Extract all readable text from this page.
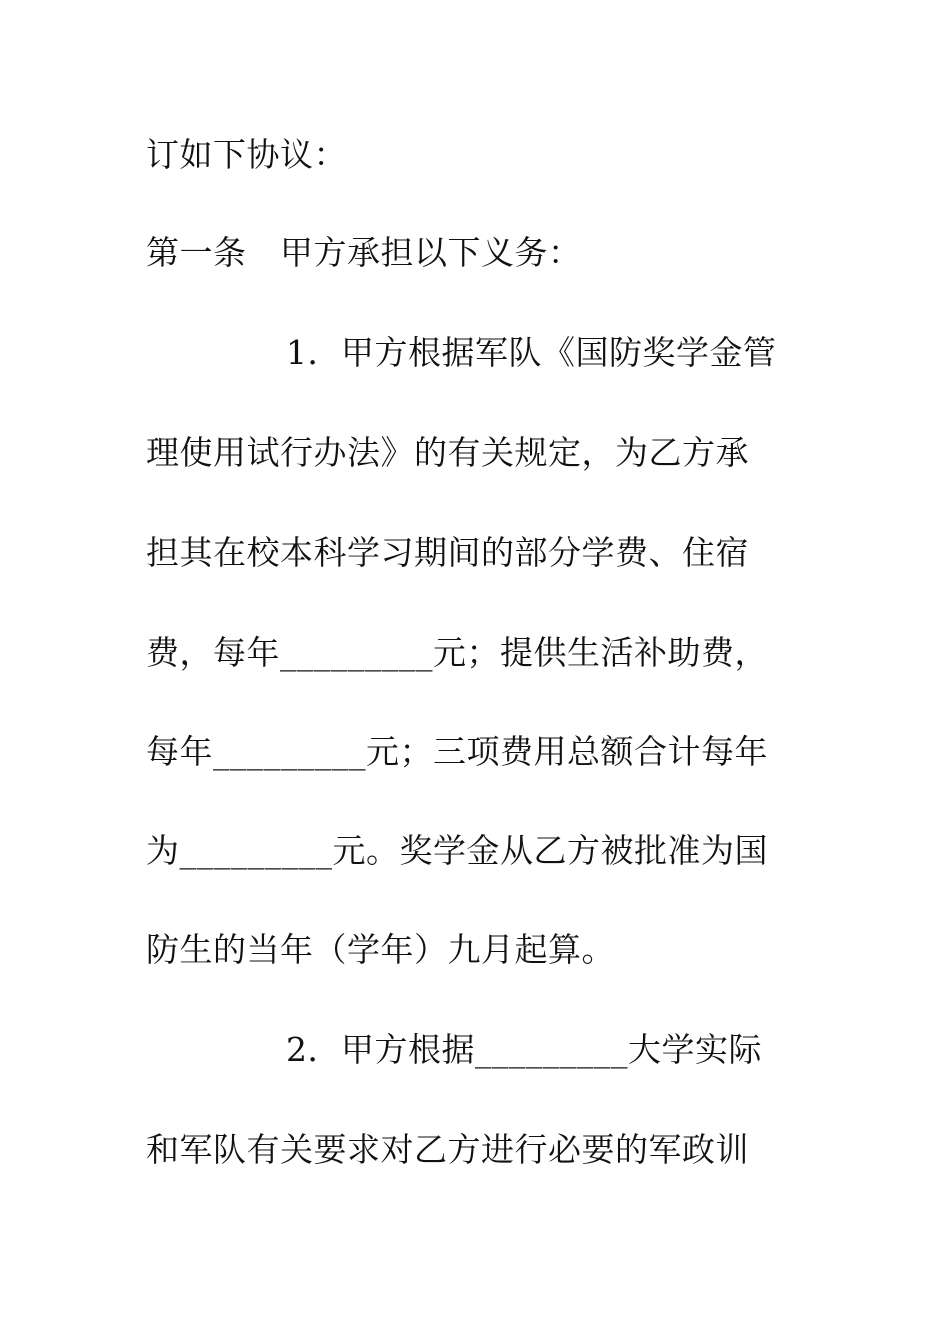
订如下协议：
第一条　甲方承担以下义务：
1．甲方根据军队《国防奖学金管
理使用试行办法》的有关规定，为乙方承
担其在校本科学习期间的部分学费、住宿
费，每年_________元；提供生活补助费，
每年_________元；三项费用总额合计每年
为_________元。奖学金从乙方被批准为国
防生的当年（学年）九月起算。
2．甲方根据_________大学实际
和军队有关要求对乙方进行必要的军政训
